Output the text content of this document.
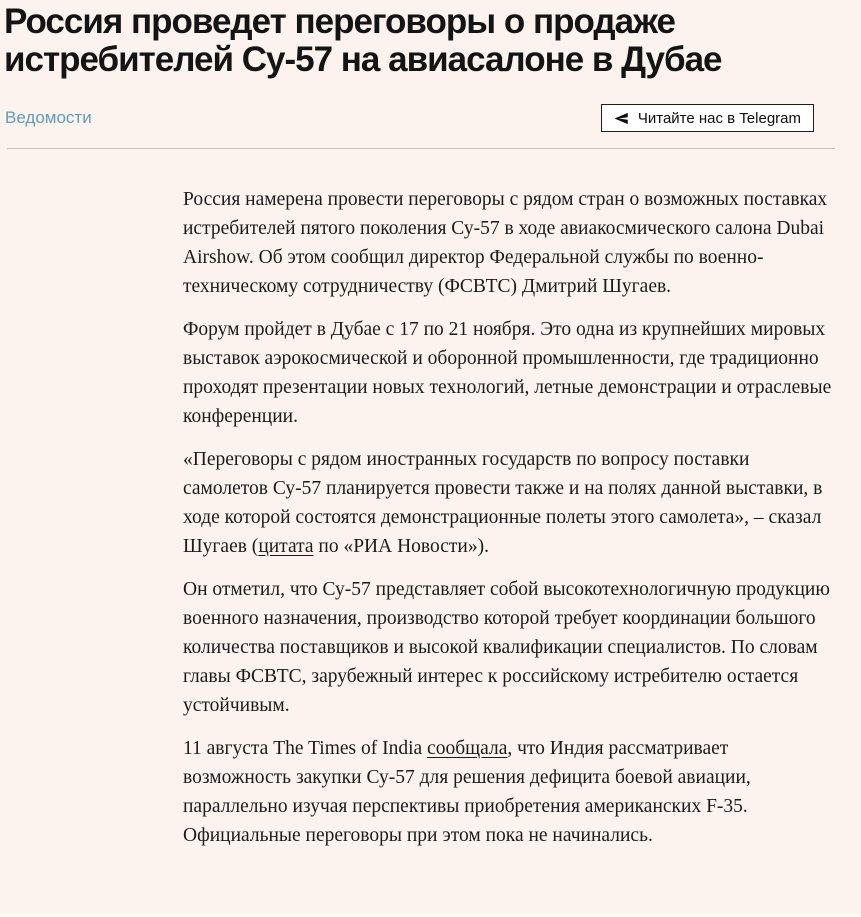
Россия проведет переговоры о продаже истребителей Су-57 на авиасалоне в Дубае
Ведомости	Читайте нас в Telegram

Россия намерена провести переговоры с рядом стран о возможных поставках истребителей пятого поколения Су-57 в ходе авиакосмического салона Dubai Airshow. Об этом сообщил директор Федеральной службы по военно-техническому сотрудничеству (ФСВТС) Дмитрий Шугаев.

Форум пройдет в Дубае с 17 по 21 ноября. Это одна из крупнейших мировых выставок аэрокосмической и оборонной промышленности, где традиционно проходят презентации новых технологий, летные демонстрации и отраслевые конференции.

«Переговоры с рядом иностранных государств по вопросу поставки самолетов Су-57 планируется провести также и на полях данной выставки, в ходе которой состоятся демонстрационные полеты этого самолета», – сказал Шугаев (цитата по «РИА Новости»).

Он отметил, что Су-57 представляет собой высокотехнологичную продукцию военного назначения, производство которой требует координации большого количества поставщиков и высокой квалификации специалистов. По словам главы ФСВТС, зарубежный интерес к российскому истребителю остается устойчивым.

11 августа The Times of India сообщала, что Индия рассматривает возможность закупки Су-57 для решения дефицита боевой авиации, параллельно изучая перспективы приобретения американских F-35. Официальные переговоры при этом пока не начинались.
